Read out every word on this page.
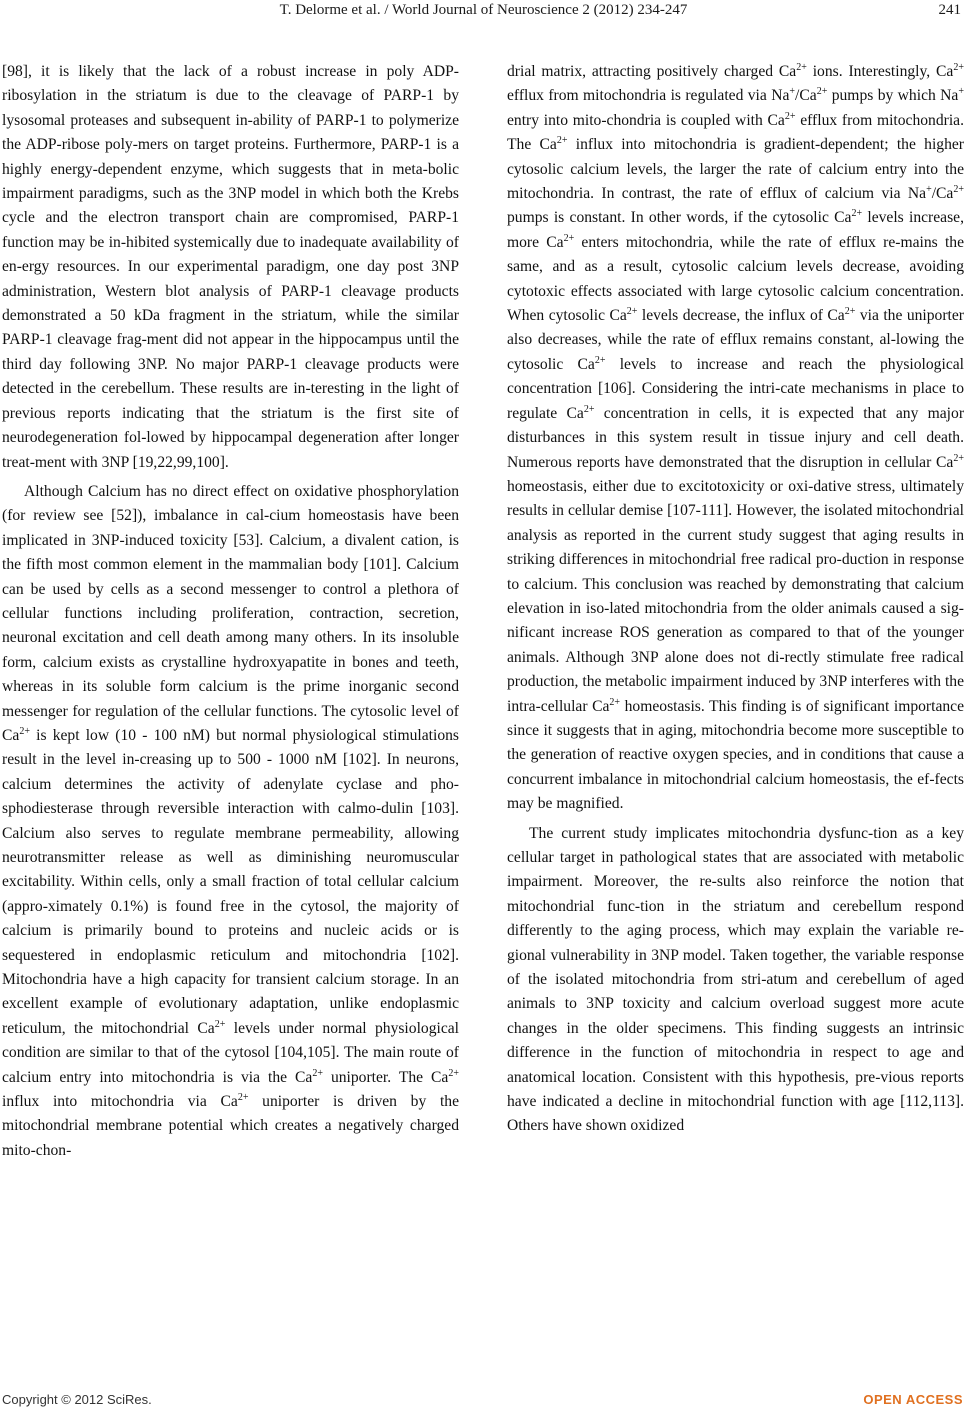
T. Delorme et al. / World Journal of Neuroscience 2 (2012) 234-247	241

[98], it is likely that the lack of a robust increase in poly ADP-ribosylation in the striatum is due to the cleavage of PARP-1 by lysosomal proteases and subsequent in-ability of PARP-1 to polymerize the ADP-ribose poly-mers on target proteins. Furthermore, PARP-1 is a highly energy-dependent enzyme, which suggests that in meta-bolic impairment paradigms, such as the 3NP model in which both the Krebs cycle and the electron transport chain are compromised, PARP-1 function may be in-hibited systemically due to inadequate availability of en-ergy resources. In our experimental paradigm, one day post 3NP administration, Western blot analysis of PARP-1 cleavage products demonstrated a 50 kDa fragment in the striatum, while the similar PARP-1 cleavage frag-ment did not appear in the hippocampus until the third day following 3NP. No major PARP-1 cleavage products were detected in the cerebellum. These results are in-teresting in the light of previous reports indicating that the striatum is the first site of neurodegeneration fol-lowed by hippocampal degeneration after longer treat-ment with 3NP [19,22,99,100].

Although Calcium has no direct effect on oxidative phosphorylation (for review see [52]), imbalance in cal-cium homeostasis have been implicated in 3NP-induced toxicity [53]. Calcium, a divalent cation, is the fifth most common element in the mammalian body [101]. Calcium can be used by cells as a second messenger to control a plethora of cellular functions including proliferation, contraction, secretion, neuronal excitation and cell death among many others. In its insoluble form, calcium exists as crystalline hydroxyapatite in bones and teeth, whereas in its soluble form calcium is the prime inorganic second messenger for regulation of the cellular functions. The cytosolic level of $Ca^{2+}$ is kept low (10 - 100 nM) but normal physiological stimulations result in the level in-creasing up to 500 - 1000 nM [102]. In neurons, calcium determines the activity of adenylate cyclase and pho-sphodiesterase through reversible interaction with calmo-dulin [103]. Calcium also serves to regulate membrane permeability, allowing neurotransmitter release as well as diminishing neuromuscular excitability. Within cells, only a small fraction of total cellular calcium (appro-ximately 0.1%) is found free in the cytosol, the majority of calcium is primarily bound to proteins and nucleic acids or is sequestered in endoplasmic reticulum and mitochondria [102]. Mitochondria have a high capacity for transient calcium storage. In an excellent example of evolutionary adaptation, unlike endoplasmic reticulum, the mitochondrial $Ca^{2+}$ levels under normal physiological condition are similar to that of the cytosol [104,105]. The main route of calcium entry into mitochondria is via the $Ca^{2+}$ uniporter. The $Ca^{2+}$ influx into mitochondria via $Ca^{2+}$ uniporter is driven by the mitochondrial membrane potential which creates a negatively charged mito-chon-

drial matrix, attracting positively charged $Ca^{2+}$ ions. Interestingly, $Ca^{2+}$ efflux from mitochondria is regulated via $Na^+/Ca^{2+}$ pumps by which Na+ entry into mito-chondria is coupled with $Ca^{2+}$ efflux from mitochondria. The $Ca^{2+}$ influx into mitochondria is gradient-dependent; the higher cytosolic calcium levels, the larger the rate of calcium entry into the mitochondria. In contrast, the rate of efflux of calcium via $Na^+/Ca^{2+}$ pumps is constant. In other words, if the cytosolic $Ca^{2+}$ levels increase, more $Ca^{2+}$ enters mitochondria, while the rate of efflux re-mains the same, and as a result, cytosolic calcium levels decrease, avoiding cytotoxic effects associated with large cytosolic calcium concentration. When cytosolic $Ca^{2+}$ levels decrease, the influx of $Ca^{2+}$ via the uniporter also decreases, while the rate of efflux remains constant, al-lowing the cytosolic $Ca^{2+}$ levels to increase and reach the physiological concentration [106]. Considering the intri-cate mechanisms in place to regulate $Ca^{2+}$ concentration in cells, it is expected that any major disturbances in this system result in tissue injury and cell death. Numerous reports have demonstrated that the disruption in cellular $Ca^{2+}$ homeostasis, either due to excitotoxicity or oxi-dative stress, ultimately results in cellular demise [107-111]. However, the isolated mitochondrial analysis as reported in the current study suggest that aging results in striking differences in mitochondrial free radical pro-duction in response to calcium. This conclusion was reached by demonstrating that calcium elevation in iso-lated mitochondria from the older animals caused a sig-nificant increase ROS generation as compared to that of the younger animals. Although 3NP alone does not di-rectly stimulate free radical production, the metabolic impairment induced by 3NP interferes with the intra-cellular $Ca^{2+}$ homeostasis. This finding is of significant importance since it suggests that in aging, mitochondria become more susceptible to the generation of reactive oxygen species, and in conditions that cause a concurrent imbalance in mitochondrial calcium homeostasis, the ef-fects may be magnified.

The current study implicates mitochondria dysfunc-tion as a key cellular target in pathological states that are associated with metabolic impairment. Moreover, the re-sults also reinforce the notion that mitochondrial func-tion in the striatum and cerebellum respond differently to the aging process, which may explain the variable re-gional vulnerability in 3NP model. Taken together, the variable response of the isolated mitochondria from stri-atum and cerebellum of aged animals to 3NP toxicity and calcium overload suggest more acute changes in the older specimens. This finding suggests an intrinsic difference in the function of mitochondria in respect to age and anatomical location. Consistent with this hypothesis, pre-vious reports have indicated a decline in mitochondrial function with age [112,113]. Others have shown oxidized

Copyright © 2012 SciRes.	OPEN ACCESS
